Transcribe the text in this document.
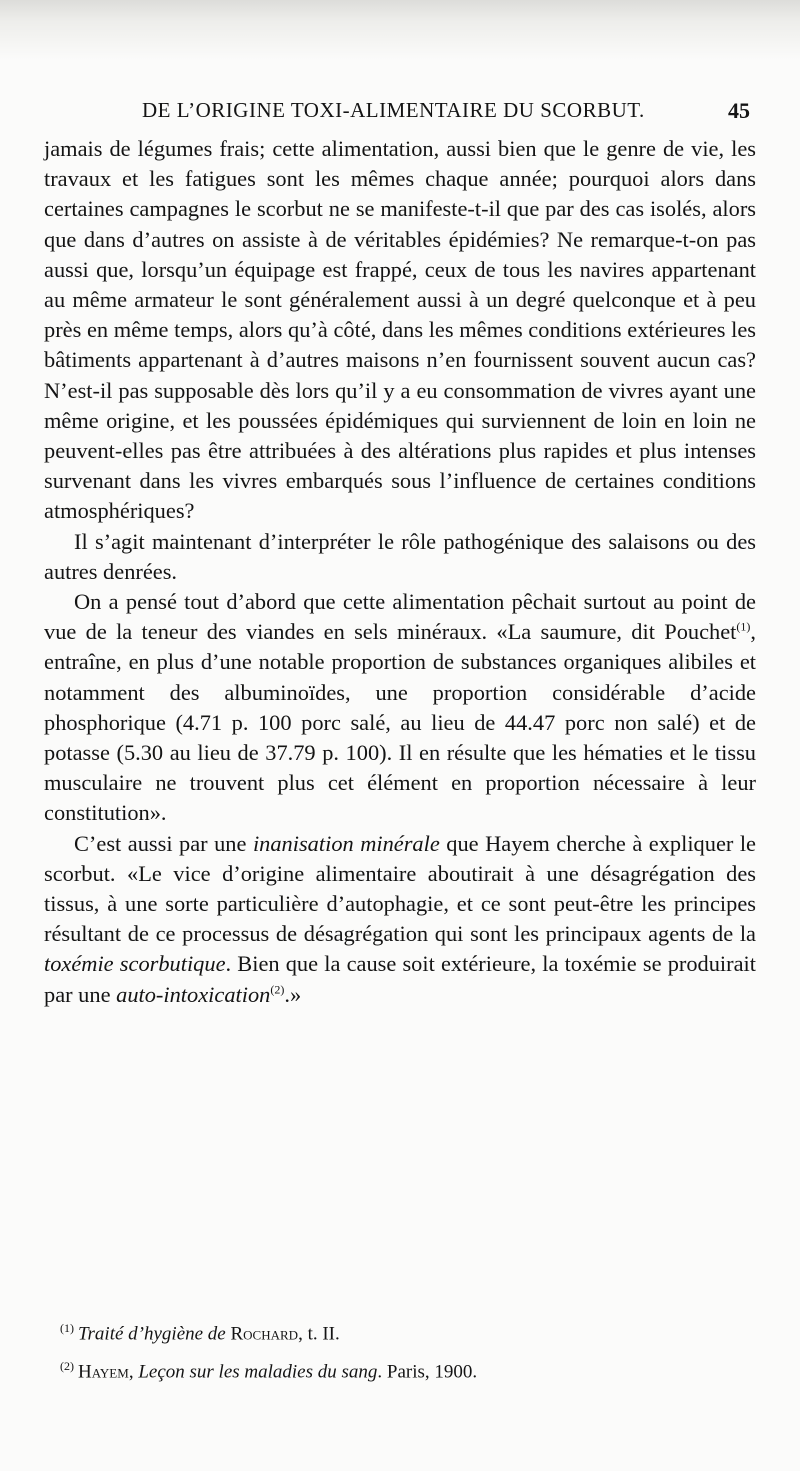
DE L’ORIGINE TOXI-ALIMENTAIRE DU SCORBUT.	45

jamais de légumes frais; cette alimentation, aussi bien que le genre de vie, les travaux et les fatigues sont les mêmes chaque année; pourquoi alors dans certaines campagnes le scorbut ne se manifeste-t-il que par des cas isolés, alors que dans d’autres on assiste à de véritables épidémies? Ne remarque-t-on pas aussi que, lorsqu’un équipage est frappé, ceux de tous les navires appartenant au même armateur le sont généralement aussi à un degré quelconque et à peu près en même temps, alors qu’à côté, dans les mêmes conditions extérieures les bâtiments appartenant à d’autres maisons n’en fournissent souvent aucun cas? N’est-il pas supposable dès lors qu’il y a eu consommation de vivres ayant une même origine, et les poussées épidémiques qui surviennent de loin en loin ne peuvent-elles pas être attribuées à des altérations plus rapides et plus intenses survenant dans les vivres embarqués sous l’influence de certaines conditions atmosphériques?

Il s’agit maintenant d’interpréter le rôle pathogénique des salaisons ou des autres denrées.

On a pensé tout d’abord que cette alimentation pêchait surtout au point de vue de la teneur des viandes en sels minéraux. «La saumure, dit Pouchet$^{(1)}$, entraîne, en plus d’une notable proportion de substances organiques alibiles et notamment des albuminoïdes, une proportion considérable d’acide phosphorique (4.71 p. 100 porc salé, au lieu de 44.47 porc non salé) et de potasse (5.30 au lieu de 37.79 p. 100). Il en résulte que les hématies et le tissu musculaire ne trouvent plus cet élément en proportion nécessaire à leur constitution».

C’est aussi par une inanisation minérale que Hayem cherche à expliquer le scorbut. «Le vice d’origine alimentaire aboutirait à une désagrégation des tissus, à une sorte particulière d’autophagie, et ce sont peut-être les principes résultant de ce processus de désagrégation qui sont les principaux agents de la toxémie scorbutique. Bien que la cause soit extérieure, la toxémie se produirait par une auto-intoxication$^{(2)}$.»

$^{(1)}$ Traité d’hygiène de Rochard, t. II.
$^{(2)}$ Hayem, Leçon sur les maladies du sang. Paris, 1900.
